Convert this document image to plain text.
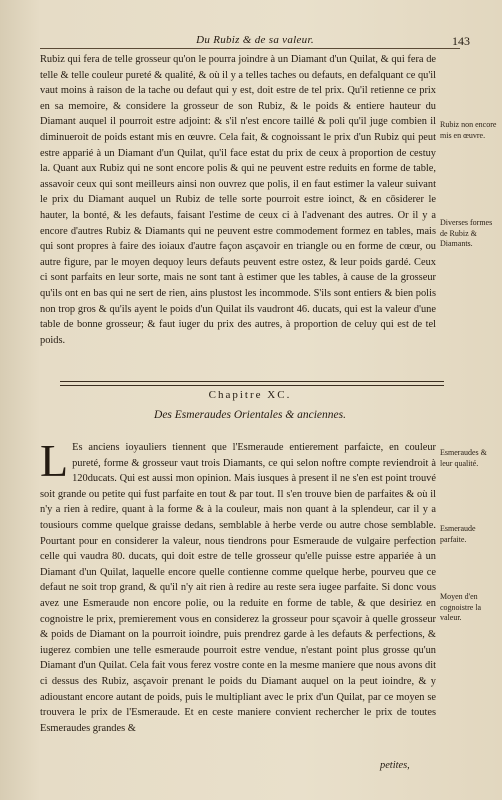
Du Rubiz & de sa valeur.	143

Rubiz qui fera de telle grosseur qu'on le pourra joindre à un Diamant d'un Quilat, & qui fera de telle & telle couleur pureté & qualité, & où il y a telles taches ou defauts, en defalquant ce qu'il vaut moins à raison de la tache ou defaut qui y est, doit estre de tel prix. Qu'il retienne ce prix en sa memoire, & considere la grosseur de son Rubiz, & le poids & entiere hauteur du Diamant auquel il pourroit estre adjoint: & s'il n'est encore taillé & poli qu'il juge combien il diminueroit de poids estant mis en œuvre. Cela fait, & cognoissant le prix d'un Rubiz qui peut estre apparié à un Diamant d'un Quilat, qu'il face estat du prix de ceux à proportion de cestuy la. Quant aux Rubiz qui ne sont encore polis & qui ne peuvent estre reduits en forme de table, assavoir ceux qui sont meilleurs ainsi non ouvrez que polis, il en faut estimer la valeur suivant le prix du Diamant auquel un Rubiz de telle sorte pourroit estre ioinct, & en cōsiderer le hauter, la bonté, & les defauts, faisant l'estime de ceux ci à l'advenant des autres. Or il y a encore d'autres Rubiz & Diamants qui ne peuvent estre commodement formez en tables, mais qui sont propres à faire des ioiaux d'autre façon asçavoir en triangle ou en forme de cœur, ou autre figure, par le moyen dequoy leurs defauts peuvent estre ostez, & leur poids gardé. Ceux ci sont parfaits en leur sorte, mais ne sont tant à estimer que les tables, à cause de la grosseur qu'ils ont en bas qui ne sert de rien, ains plustost les incommode. S'ils sont entiers & bien polis non trop gros & qu'ils ayent le poids d'un Quilat ils vaudront 46. ducats, qui est la valeur d'une table de bonne grosseur; & faut iuger du prix des autres, à proportion de celuy qui est de tel poids.

Rubiz non encore mis en œuvre.
Diverses formes de Rubiz & Diamants.
Chapitre XC.
Des Esmeraudes Orientales & anciennes.
L Es anciens ioyauliers tiennent que l'Esmeraude entierement parfaicte, en couleur pureté, forme & grosseur vaut trois Diamants, ce qui selon noftre compte reviendroit à 120ducats. Qui est aussi mon opinion. Mais iusques à present il ne s'en est point trouvé soit grande ou petite qui fust parfaite en tout & par tout. Il s'en trouve bien de parfaites & où il n'y a rien à redire, quant à la forme & à la couleur, mais non quant à la splendeur, car il y a tousiours comme quelque graisse dedans, semblable à herbe verde ou autre chose semblable. Pourtant pour en considerer la valeur, nous tiendrons pour Esmeraude de vulgaire perfection celle qui vaudra 80. ducats, qui doit estre de telle grosseur qu'elle puisse estre appariée à un Diamant d'un Quilat, laquelle encore quelle contienne comme quelque herbe, pourveu que ce defaut ne soit trop grand, & qu'il n'y ait rien à redire au reste sera iugee parfaite. Si donc vous avez une Esmeraude non encore polie, ou la reduite en forme de table, & que desiriez en cognoistre le prix, premierement vous en considerez la grosseur pour sçavoir à quelle grosseur & poids de Diamant on la pourroit ioindre, puis prendrez garde à les defauts & perfections, & iugerez combien une telle esmeraude pourroit estre vendue, n'estant point plus grosse qu'un Diamant d'un Quilat. Cela fait vous ferez vostre conte en la mesme maniere que nous avons dit ci dessus des Rubiz, asçavoir prenant le poids du Diamant auquel on la peut ioindre, & y adioustant encore autant de poids, puis le multipliant avec le prix d'un Quilat, par ce moyen se trouvera le prix de l'Esmeraude. Et en ceste maniere convient rechercher le prix de toutes Esmeraudes grandes &

Esmeraudes & leur qualité.
Esmeraude parfaite.
Moyen d'en cognoistre la valeur.
petites,
